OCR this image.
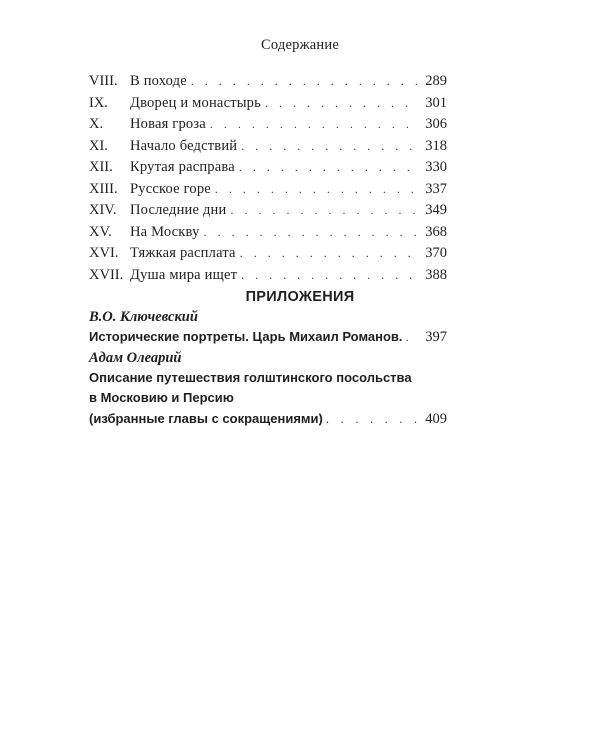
Содержание
VIII. В походе . . .	289
IX. Дворец и монастырь . . .	301
X. Новая гроза . . .	306
XI. Начало бедствий . . .	318
XII. Крутая расправа . . .	330
XIII. Русское горе . . .	337
XIV. Последние дни . . .	349
XV. На Москву . . .	368
XVI. Тяжкая расплата . . .	370
XVII. Душа мира ищет . . .	388
ПРИЛОЖЕНИЯ
В.О. Ключевский
Исторические портреты. Царь Михаил Романов. . . .	397
Адам Олеарий
Описание путешествия голштинского посольства
в Московию и Персию
(избранные главы с сокращениями) . . .	409
